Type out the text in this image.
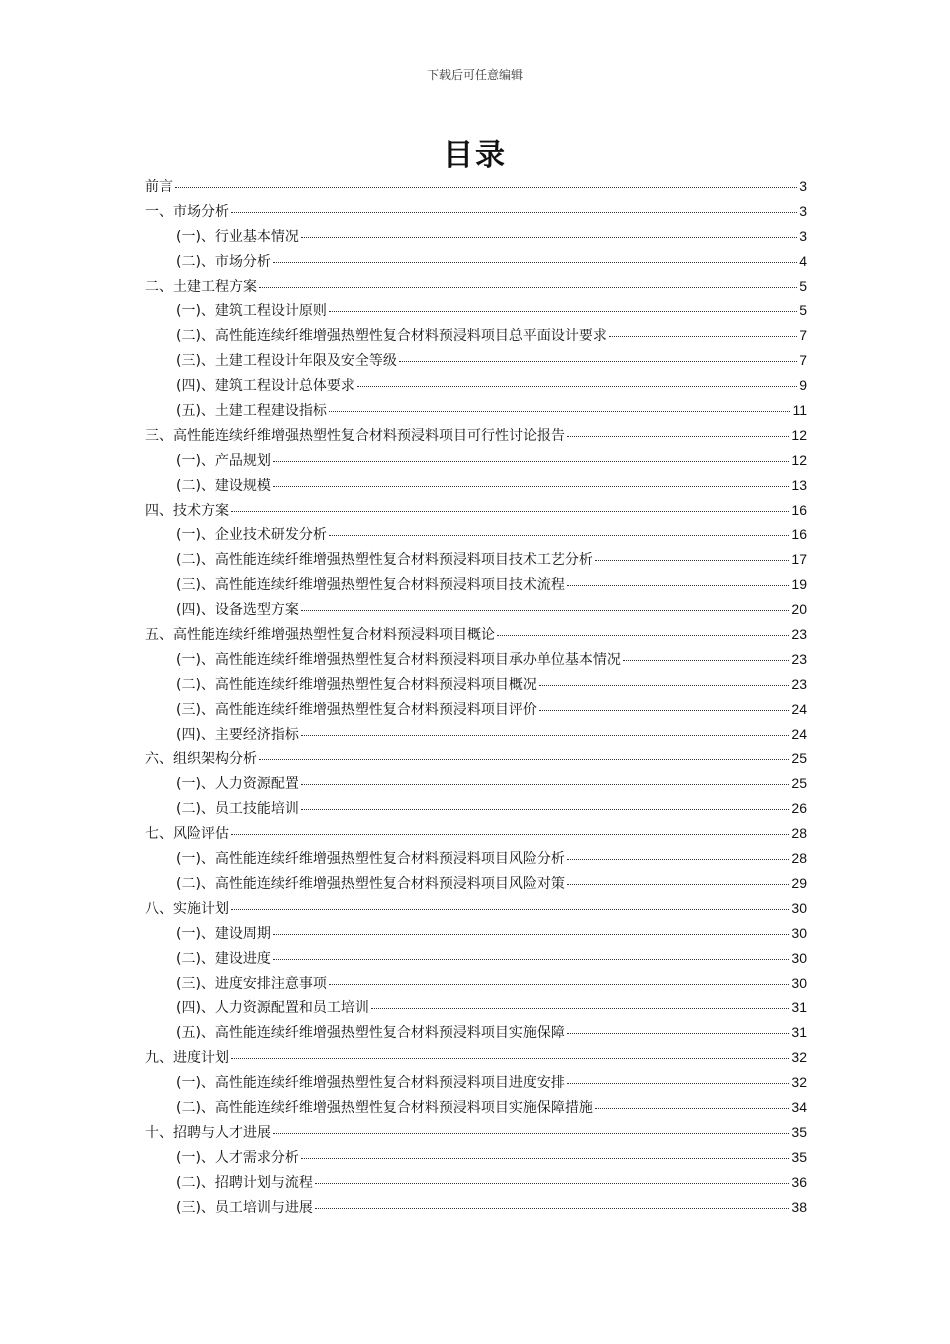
下载后可任意编辑
目录
前言	3
一、市场分析	3
(一)、行业基本情况	3
(二)、市场分析	4
二、土建工程方案	5
(一)、建筑工程设计原则	5
(二)、高性能连续纤维增强热塑性复合材料预浸料项目总平面设计要求	7
(三)、土建工程设计年限及安全等级	7
(四)、建筑工程设计总体要求	9
(五)、土建工程建设指标	11
三、高性能连续纤维增强热塑性复合材料预浸料项目可行性讨论报告	12
(一)、产品规划	12
(二)、建设规模	13
四、技术方案	16
(一)、企业技术研发分析	16
(二)、高性能连续纤维增强热塑性复合材料预浸料项目技术工艺分析	17
(三)、高性能连续纤维增强热塑性复合材料预浸料项目技术流程	19
(四)、设备选型方案	20
五、高性能连续纤维增强热塑性复合材料预浸料项目概论	23
(一)、高性能连续纤维增强热塑性复合材料预浸料项目承办单位基本情况	23
(二)、高性能连续纤维增强热塑性复合材料预浸料项目概况	23
(三)、高性能连续纤维增强热塑性复合材料预浸料项目评价	24
(四)、主要经济指标	24
六、组织架构分析	25
(一)、人力资源配置	25
(二)、员工技能培训	26
七、风险评估	28
(一)、高性能连续纤维增强热塑性复合材料预浸料项目风险分析	28
(二)、高性能连续纤维增强热塑性复合材料预浸料项目风险对策	29
八、实施计划	30
(一)、建设周期	30
(二)、建设进度	30
(三)、进度安排注意事项	30
(四)、人力资源配置和员工培训	31
(五)、高性能连续纤维增强热塑性复合材料预浸料项目实施保障	31
九、进度计划	32
(一)、高性能连续纤维增强热塑性复合材料预浸料项目进度安排	32
(二)、高性能连续纤维增强热塑性复合材料预浸料项目实施保障措施	34
十、招聘与人才进展	35
(一)、人才需求分析	35
(二)、招聘计划与流程	36
(三)、员工培训与进展	38
